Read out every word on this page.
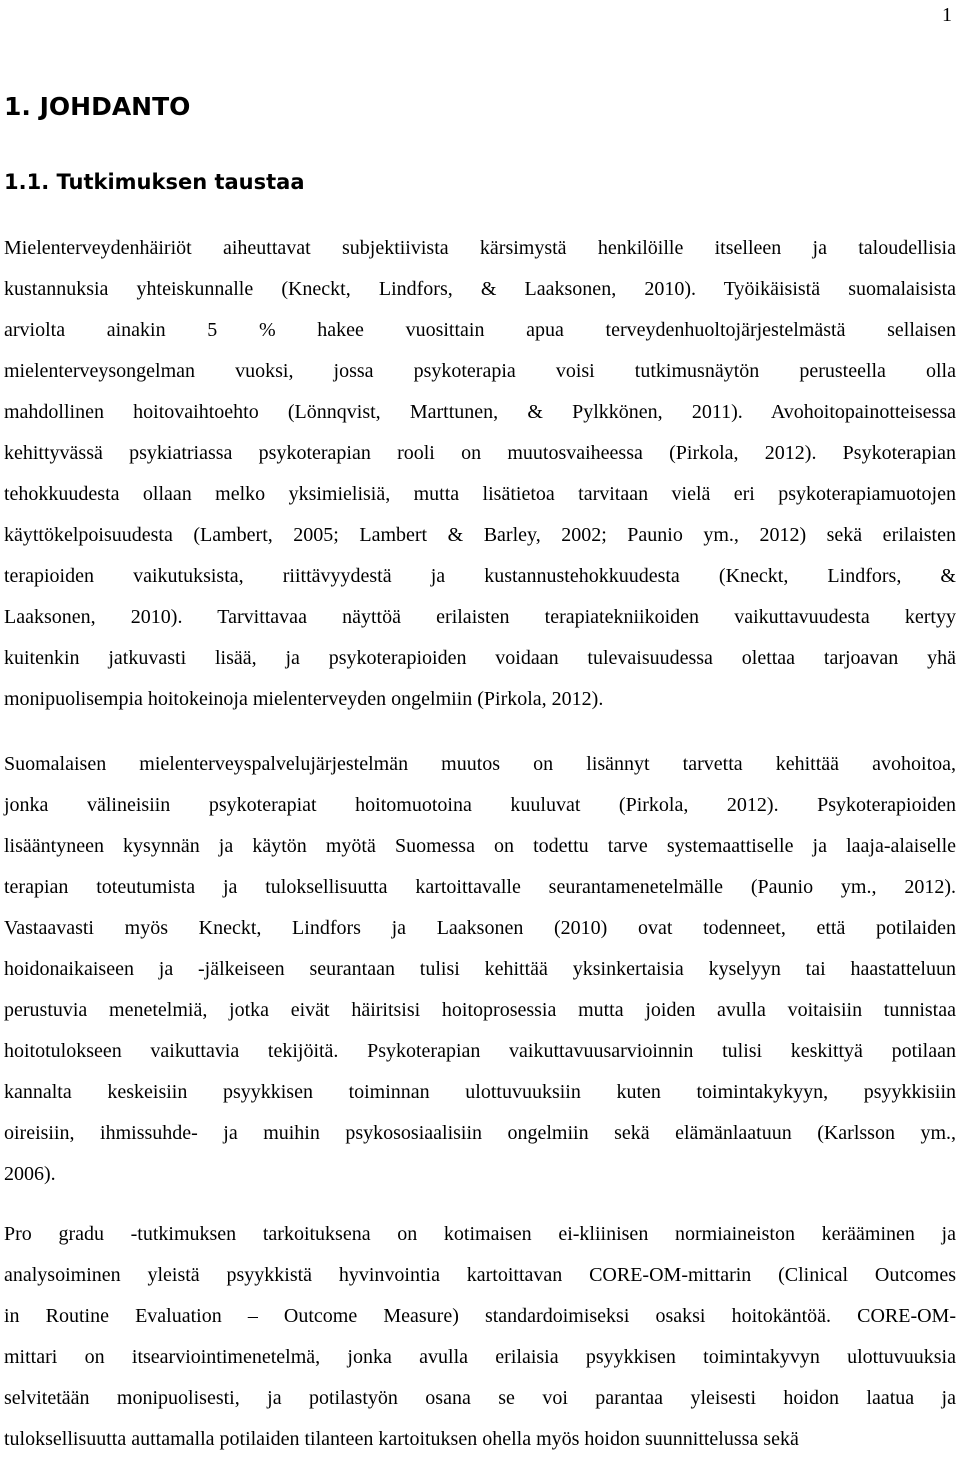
1
1. JOHDANTO
1.1. Tutkimuksen taustaa
Mielenterveydenhäiriöt aiheuttavat subjektiivista kärsimystä henkilöille itselleen ja taloudellisia
kustannuksia yhteiskunnalle (Kneckt, Lindfors, & Laaksonen, 2010). Työikäisistä suomalaisista
arviolta ainakin 5 % hakee vuosittain apua terveydenhuoltojärjestelmästä sellaisen
mielenterveysongelman vuoksi, jossa psykoterapia voisi tutkimusnäytön perusteella olla
mahdollinen hoitovaihtoehto (Lönnqvist, Marttunen, & Pylkkönen, 2011). Avohoitopainotteisessa
kehittyvässä psykiatriassa psykoterapian rooli on muutosvaiheessa (Pirkola, 2012). Psykoterapian
tehokkuudesta ollaan melko yksimielisiä, mutta lisätietoa tarvitaan vielä eri psykoterapiamuotojen
käyttökelpoisuudesta (Lambert, 2005; Lambert & Barley, 2002; Paunio ym., 2012) sekä erilaisten
terapioiden vaikutuksista, riittävyydestä ja kustannustehokkuudesta (Kneckt, Lindfors, &
Laaksonen, 2010). Tarvittavaa näyttöä erilaisten terapiatekniikoiden vaikuttavuudesta kertyy
kuitenkin jatkuvasti lisää, ja psykoterapioiden voidaan tulevaisuudessa olettaa tarjoavan yhä
monipuolisempia hoitokeinoja mielenterveyden ongelmiin (Pirkola, 2012).
Suomalaisen mielenterveyspalvelujärjestelmän muutos on lisännyt tarvetta kehittää avohoitoa,
jonka välineisiin psykoterapiat hoitomuotoina kuuluvat (Pirkola, 2012). Psykoterapioiden
lisääntyneen kysynnän ja käytön myötä Suomessa on todettu tarve systemaattiselle ja laaja-alaiselle
terapian toteutumista ja tuloksellisuutta kartoittavalle seurantamenetelmälle (Paunio ym., 2012).
Vastaavasti myös Kneckt, Lindfors ja Laaksonen (2010) ovat todenneet, että potilaiden
hoidonaikaiseen ja -jälkeiseen seurantaan tulisi kehittää yksinkertaisia kyselyyn tai haastatteluun
perustuvia menetelmiä, jotka eivät häiritsisi hoitoprosessia mutta joiden avulla voitaisiin tunnistaa
hoitotulokseen vaikuttavia tekijöitä. Psykoterapian vaikuttavuusarvioinnin tulisi keskittyä potilaan
kannalta keskeisiin psyykkisen toiminnan ulottuvuuksiin kuten toimintakykyyn, psyykkisiin
oireisiin, ihmissuhde- ja muihin psykososiaalisiin ongelmiin sekä elämänlaatuun (Karlsson ym.,
2006).
Pro gradu -tutkimuksen tarkoituksena on kotimaisen ei-kliinisen normiaineiston kerääminen ja
analysoiminen yleistä psyykkistä hyvinvointia kartoittavan CORE-OM-mittarin (Clinical Outcomes
in Routine Evaluation – Outcome Measure) standardoimiseksi osaksi hoitokäntöä. CORE-OM-
mittari on itsearviointimenetelmä, jonka avulla erilaisia psyykkisen toimintakyvyn ulottuvuuksia
selvitetään monipuolisesti, ja potilastyön osana se voi parantaa yleisesti hoidon laatua ja
tuloksellisuutta auttamalla potilaiden tilanteen kartoituksen ohella myös hoidon suunnittelussa sekä
